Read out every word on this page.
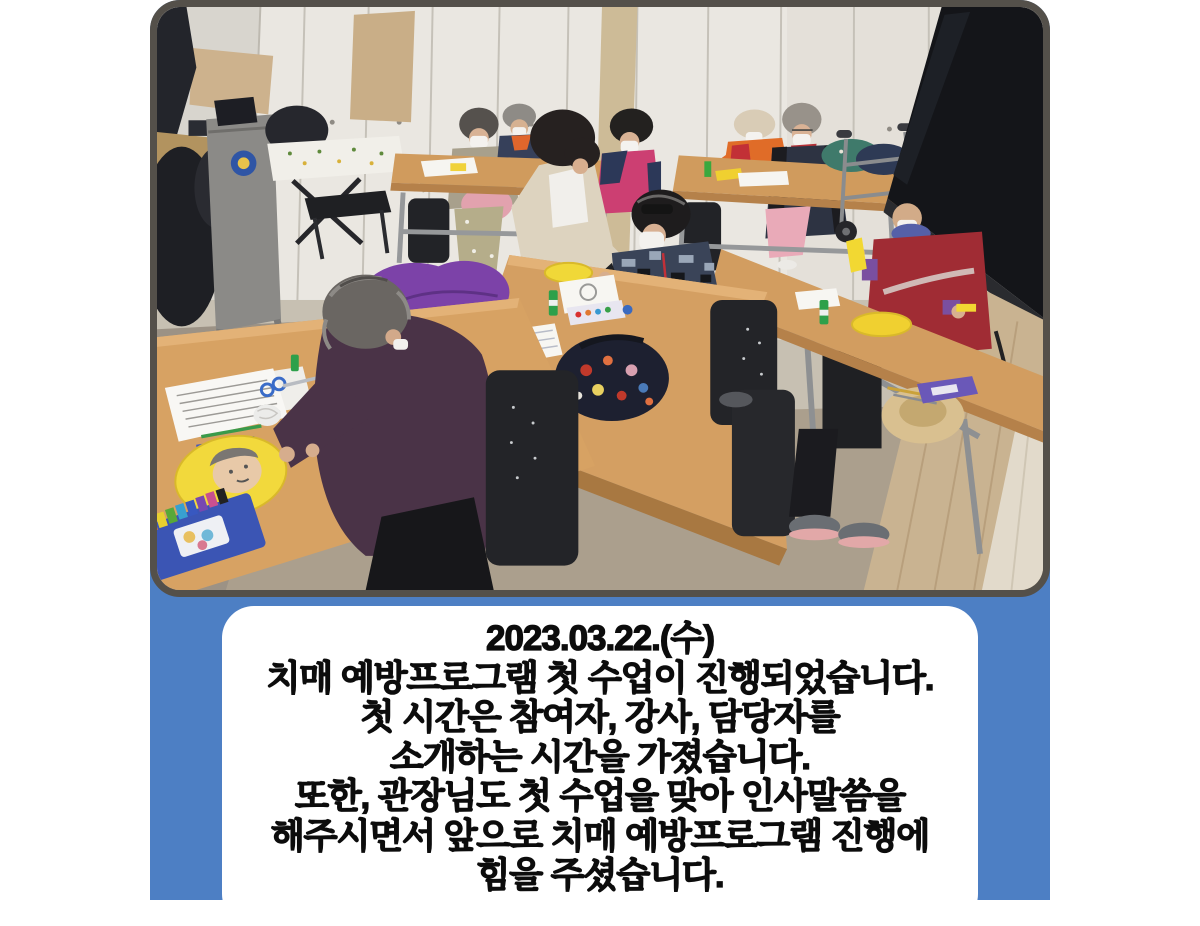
2023.03.22.(수)
치매 예방프로그램 첫 수업이 진행되었습니다.
첫 시간은 참여자, 강사, 담당자를
소개하는 시간을 가졌습니다.
또한, 관장님도 첫 수업을 맞아 인사말씀을
해주시면서 앞으로 치매 예방프로그램 진행에
힘을 주셨습니다.
